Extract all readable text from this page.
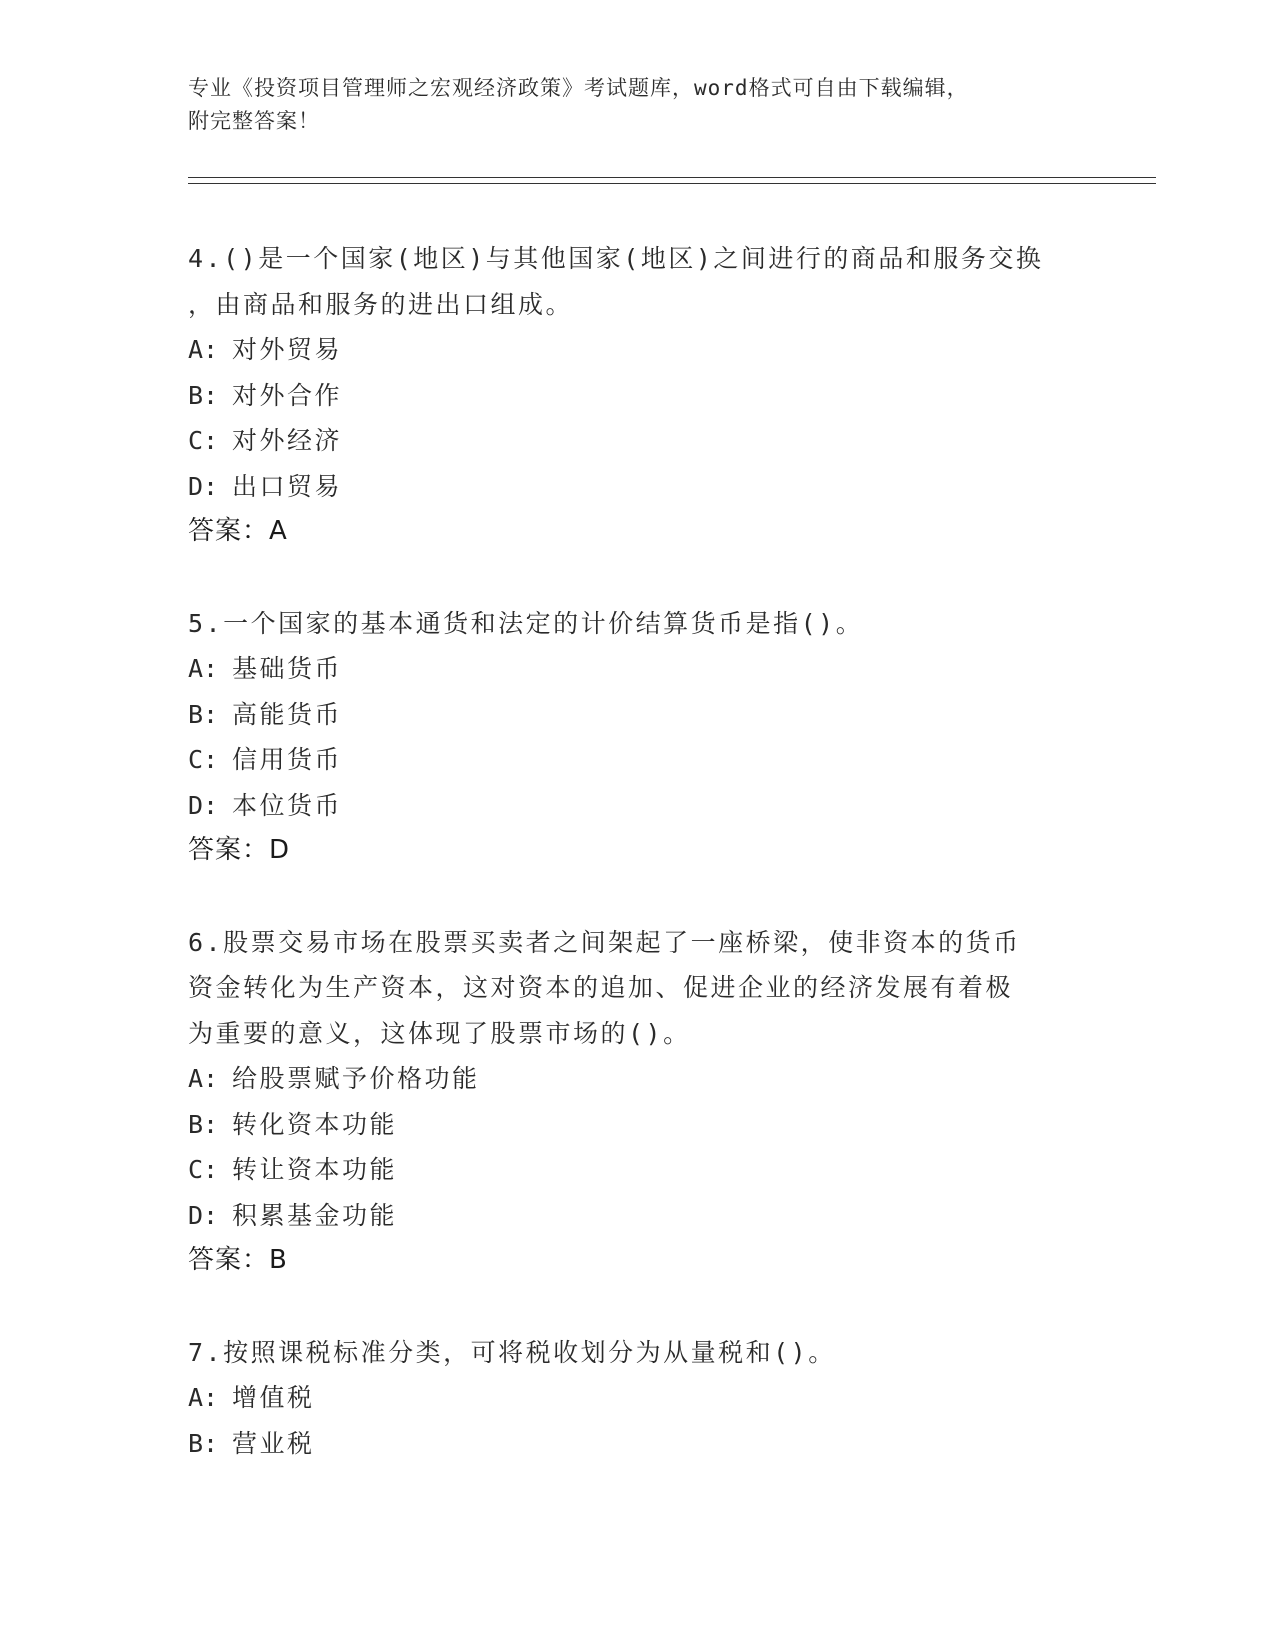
专业《投资项目管理师之宏观经济政策》考试题库，word格式可自由下载编辑，
附完整答案！
4.()是一个国家(地区)与其他国家(地区)之间进行的商品和服务交换
，由商品和服务的进出口组成。
A: 对外贸易
B: 对外合作
C: 对外经济
D: 出口贸易
答案：A
5.一个国家的基本通货和法定的计价结算货币是指()。
A: 基础货币
B: 高能货币
C: 信用货币
D: 本位货币
答案：D
6.股票交易市场在股票买卖者之间架起了一座桥梁，使非资本的货币
资金转化为生产资本，这对资本的追加、促进企业的经济发展有着极
为重要的意义，这体现了股票市场的()。
A: 给股票赋予价格功能
B: 转化资本功能
C: 转让资本功能
D: 积累基金功能
答案：B
7.按照课税标准分类，可将税收划分为从量税和()。
A: 增值税
B: 营业税
